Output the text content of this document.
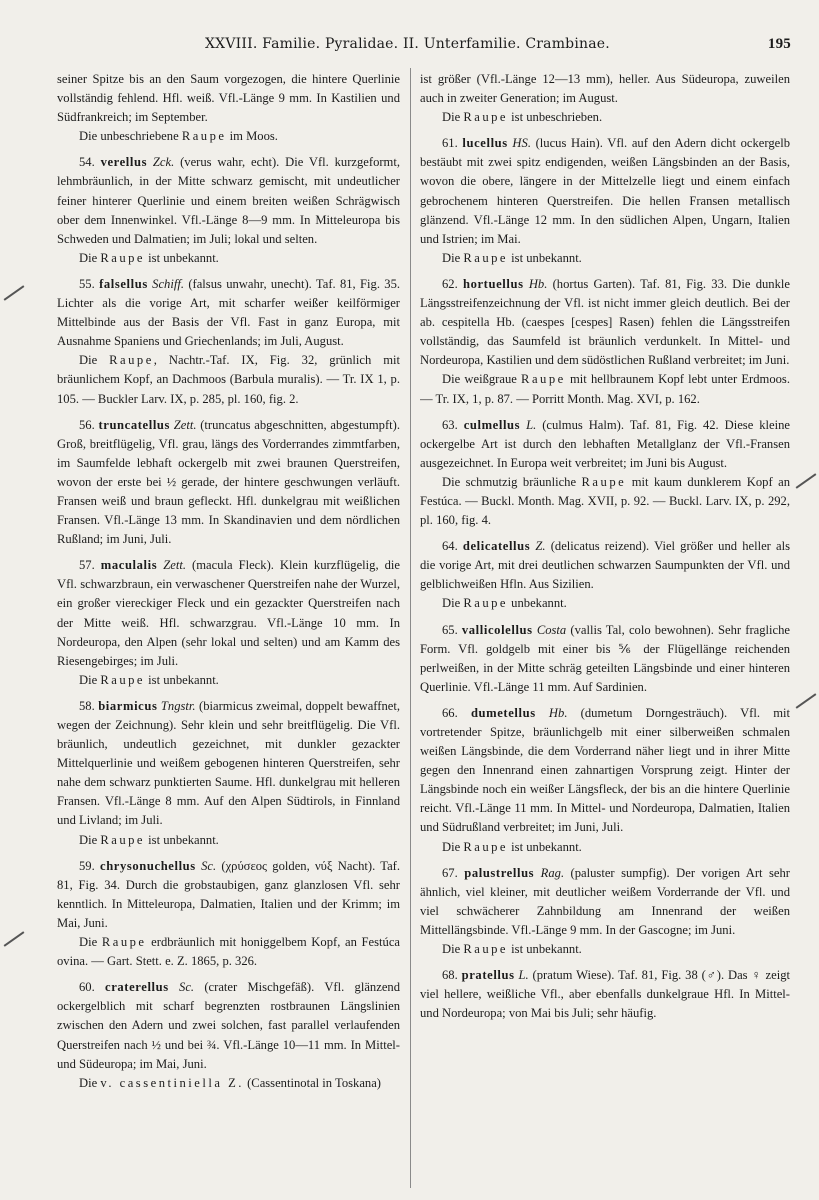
XXVIII. Familie. Pyralidae. II. Unterfamilie. Crambinae.	195

seiner Spitze bis an den Saum vorgezogen, die hintere Querlinie vollständig fehlend. Hfl. weiß. Vfl.-Länge 9 mm. In Kastilien und Südfrankreich; im September.

Die unbeschriebene Raupe im Moos.

54. verellus Zck. (verus wahr, echt). Die Vfl. kurzgeformt, lehmbräunlich, in der Mitte schwarz gemischt, mit undeutlicher feiner hinterer Querlinie und einem breiten weißen Schrägwisch ober dem Innenwinkel. Vfl.-Länge 8—9 mm. In Mitteleuropa bis Schweden und Dalmatien; im Juli; lokal und selten.

Die Raupe ist unbekannt.

55. falsellus Schiff. (falsus unwahr, unecht). Taf. 81, Fig. 35. Lichter als die vorige Art, mit scharfer weißer keilförmiger Mittelbinde aus der Basis der Vfl. Fast in ganz Europa, mit Ausnahme Spaniens und Griechenlands; im Juli, August.

Die Raupe, Nachtr.-Taf. IX, Fig. 32, grünlich mit bräunlichem Kopf, an Dachmoos (Barbula muralis). — Tr. IX 1, p. 105. — Buckler Larv. IX, p. 285, pl. 160, fig. 2.

56. truncatellus Zett. (truncatus abgeschnitten, abgestumpft). Groß, breitflügelig, Vfl. grau, längs des Vorderrandes zimmtfarben, im Saumfelde lebhaft ockergelb mit zwei braunen Querstreifen, wovon der erste bei ½ gerade, der hintere geschwungen verläuft. Fransen weiß und braun gefleckt. Hfl. dunkelgrau mit weißlichen Fransen. Vfl.-Länge 13 mm. In Skandinavien und dem nördlichen Rußland; im Juni, Juli.

57. maculalis Zett. (macula Fleck). Klein kurzflügelig, die Vfl. schwarzbraun, ein verwaschener Querstreifen nahe der Wurzel, ein großer viereckiger Fleck und ein gezackter Querstreifen nach der Mitte weiß. Hfl. schwarzgrau. Vfl.-Länge 10 mm. In Nordeuropa, den Alpen (sehr lokal und selten) und am Kamm des Riesengebirges; im Juli.

Die Raupe ist unbekannt.

58. biarmicus Tngstr. (biarmicus zweimal, doppelt bewaffnet, wegen der Zeichnung). Sehr klein und sehr breitflügelig. Die Vfl. bräunlich, undeutlich gezeichnet, mit dunkler gezackter Mittelquerlinie und weißem gebogenen hinteren Querstreifen, sehr nahe dem schwarz punktierten Saume. Hfl. dunkelgrau mit helleren Fransen. Vfl.-Länge 8 mm. Auf den Alpen Südtirols, in Finnland und Livland; im Juli.

Die Raupe ist unbekannt.

59. chrysonuchellus Sc. (χρύσεος golden, νύξ Nacht). Taf. 81, Fig. 34. Durch die grobstaubigen, ganz glanzlosen Vfl. sehr kenntlich. In Mitteleuropa, Dalmatien, Italien und der Krimm; im Mai, Juni.

Die Raupe erdbräunlich mit honiggelbem Kopf, an Festúca ovina. — Gart. Stett. e. Z. 1865, p. 326.

60. craterellus Sc. (crater Mischgefäß). Vfl. glänzend ockergelblich mit scharf begrenzten rostbraunen Längslinien zwischen den Adern und zwei solchen, fast parallel verlaufenden Querstreifen nach ½ und bei ¾. Vfl.-Länge 10—11 mm. In Mittel- und Südeuropa; im Mai, Juni.

Die v. cassentiniella Z. (Cassentinotal in Toskana)

ist größer (Vfl.-Länge 12—13 mm), heller. Aus Südeuropa, zuweilen auch in zweiter Generation; im August.

Die Raupe ist unbeschrieben.

61. lucellus HS. (lucus Hain). Vfl. auf den Adern dicht ockergelb bestäubt mit zwei spitz endigenden, weißen Längsbinden an der Basis, wovon die obere, längere in der Mittelzelle liegt und einem einfach gebrochenem hinteren Querstreifen. Die hellen Fransen metallisch glänzend. Vfl.-Länge 12 mm. In den südlichen Alpen, Ungarn, Italien und Istrien; im Mai.

Die Raupe ist unbekannt.

62. hortuellus Hb. (hortus Garten). Taf. 81, Fig. 33. Die dunkle Längsstreifenzeichnung der Vfl. ist nicht immer gleich deutlich. Bei der ab. cespitella Hb. (caespes [cespes] Rasen) fehlen die Längsstreifen vollständig, das Saumfeld ist bräunlich verdunkelt. In Mittel- und Nordeuropa, Kastilien und dem südöstlichen Rußland verbreitet; im Juni.

Die weißgraue Raupe mit hellbraunem Kopf lebt unter Erdmoos. — Tr. IX, 1, p. 87. — Porritt Month. Mag. XVI, p. 162.

63. culmellus L. (culmus Halm). Taf. 81, Fig. 42. Diese kleine ockergelbe Art ist durch den lebhaften Metallglanz der Vfl.-Fransen ausgezeichnet. In Europa weit verbreitet; im Juni bis August.

Die schmutzig bräunliche Raupe mit kaum dunklerem Kopf an Festúca. — Buckl. Month. Mag. XVII, p. 92. — Buckl. Larv. IX, p. 292, pl. 160, fig. 4.

64. delicatellus Z. (delicatus reizend). Viel größer und heller als die vorige Art, mit drei deutlichen schwarzen Saumpunkten der Vfl. und gelblichweißen Hfln. Aus Sizilien.

Die Raupe unbekannt.

65. vallicolellus Costa (vallis Tal, colo bewohnen). Sehr fragliche Form. Vfl. goldgelb mit einer bis ⅚ der Flügellänge reichenden perlweißen, in der Mitte schräg geteilten Längsbinde und einer hinteren Querlinie. Vfl.-Länge 11 mm. Auf Sardinien.

66. dumetellus Hb. (dumetum Dorngesträuch). Vfl. mit vortretender Spitze, bräunlichgelb mit einer silberweißen schmalen weißen Längsbinde, die dem Vorderrand näher liegt und in ihrer Mitte gegen den Innenrand einen zahnartigen Vorsprung zeigt. Hinter der Längsbinde noch ein weißer Längsfleck, der bis an die hintere Querlinie reicht. Vfl.-Länge 11 mm. In Mittel- und Nordeuropa, Dalmatien, Italien und Südrußland verbreitet; im Juni, Juli.

Die Raupe ist unbekannt.

67. palustrellus Rag. (paluster sumpfig). Der vorigen Art sehr ähnlich, viel kleiner, mit deutlicher weißem Vorderrande der Vfl. und viel schwächerer Zahnbildung am Innenrand der weißen Mittellängsbinde. Vfl.-Länge 9 mm. In der Gascogne; im Juni.

Die Raupe ist unbekannt.

68. pratellus L. (pratum Wiese). Taf. 81, Fig. 38 (♂). Das ♀ zeigt viel hellere, weißliche Vfl., aber ebenfalls dunkelgraue Hfl. In Mittel- und Nordeuropa; von Mai bis Juli; sehr häufig.
